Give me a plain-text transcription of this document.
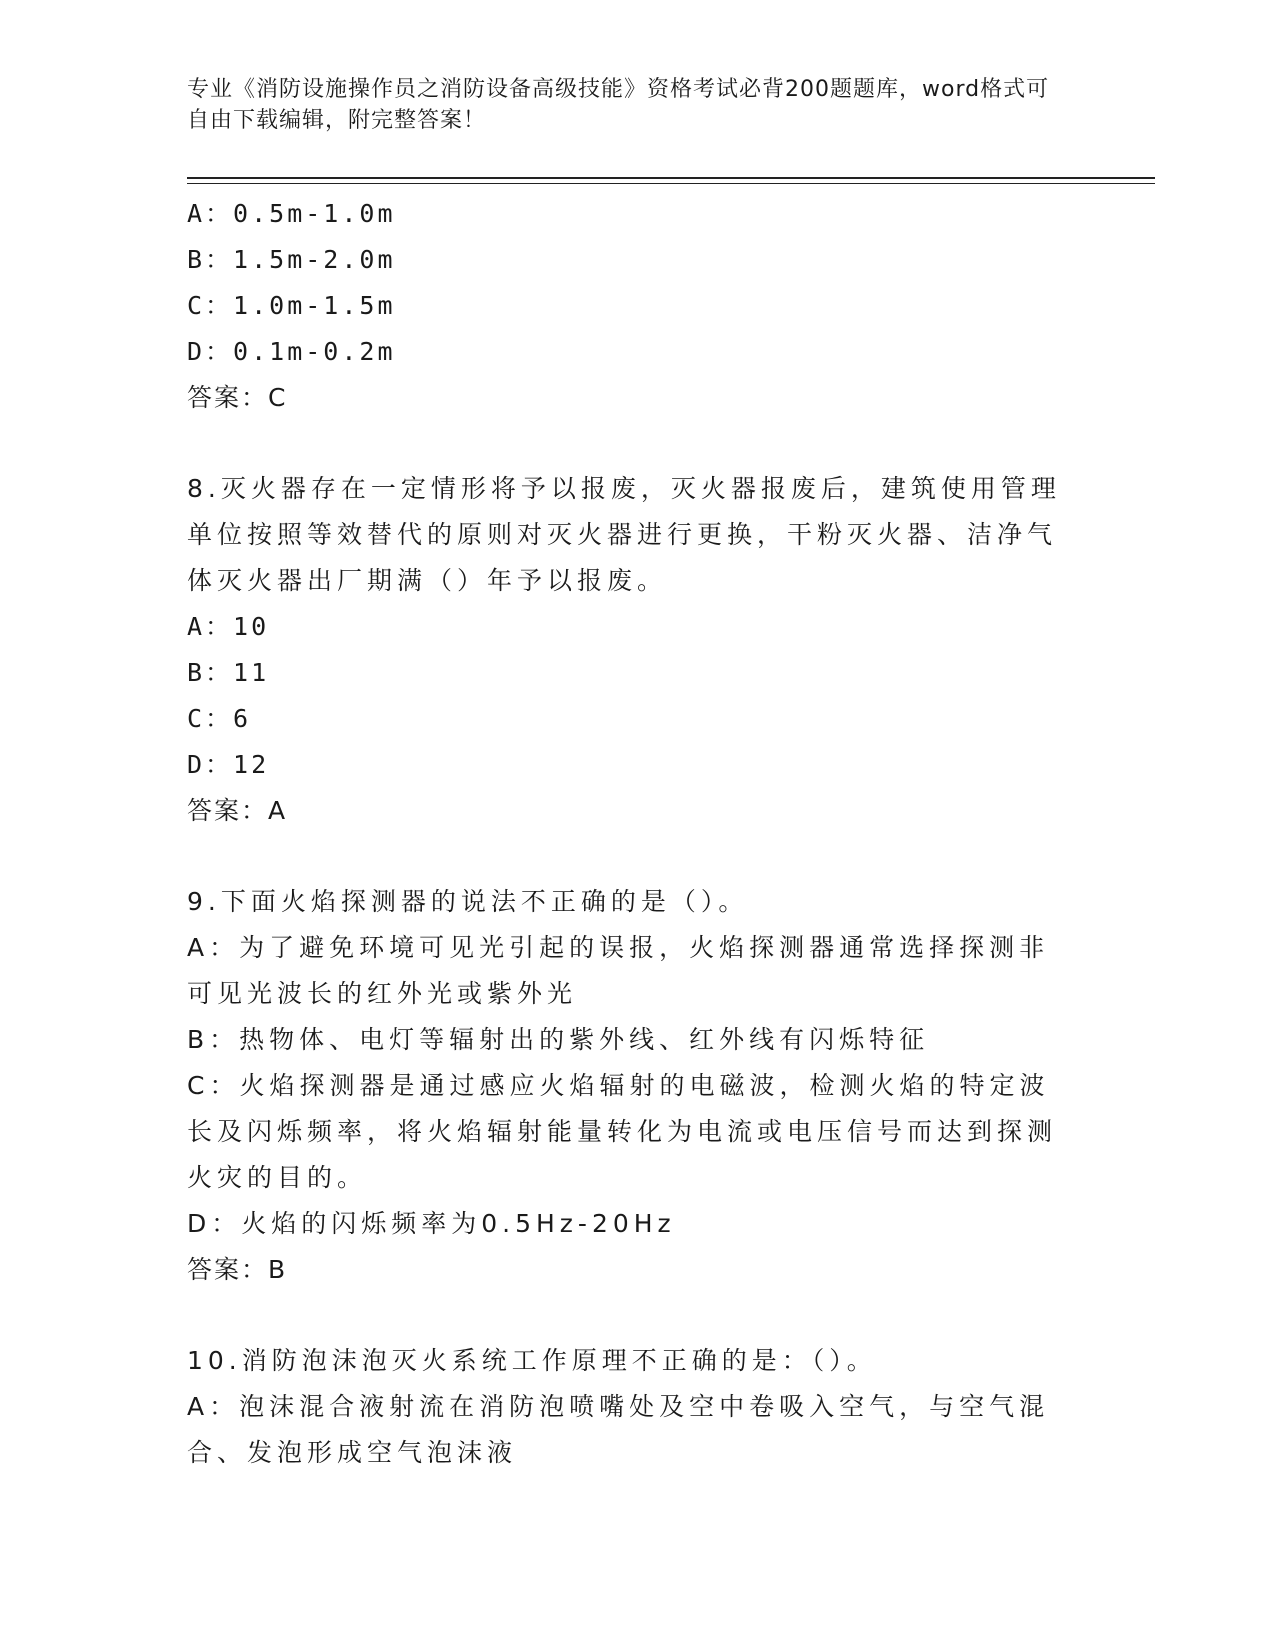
专业《消防设施操作员之消防设备高级技能》资格考试必背200题题库，word格式可自由下载编辑，附完整答案！
A：0.5m-1.0m
B：1.5m-2.0m
C：1.0m-1.5m
D：0.1m-0.2m
答案：C
8.灭火器存在一定情形将予以报废，灭火器报废后，建筑使用管理单位按照等效替代的原则对灭火器进行更换，干粉灭火器、洁净气体灭火器出厂期满（）年予以报废。
A：10
B：11
C：6
D：12
答案：A
9.下面火焰探测器的说法不正确的是（）。
A：为了避免环境可见光引起的误报，火焰探测器通常选择探测非可见光波长的红外光或紫外光
B：热物体、电灯等辐射出的紫外线、红外线有闪烁特征
C：火焰探测器是通过感应火焰辐射的电磁波，检测火焰的特定波长及闪烁频率，将火焰辐射能量转化为电流或电压信号而达到探测火灾的目的。
D：火焰的闪烁频率为0.5Hz-20Hz
答案：B
10.消防泡沫泡灭火系统工作原理不正确的是：（）。
A：泡沫混合液射流在消防泡喷嘴处及空中卷吸入空气，与空气混合、发泡形成空气泡沫液
